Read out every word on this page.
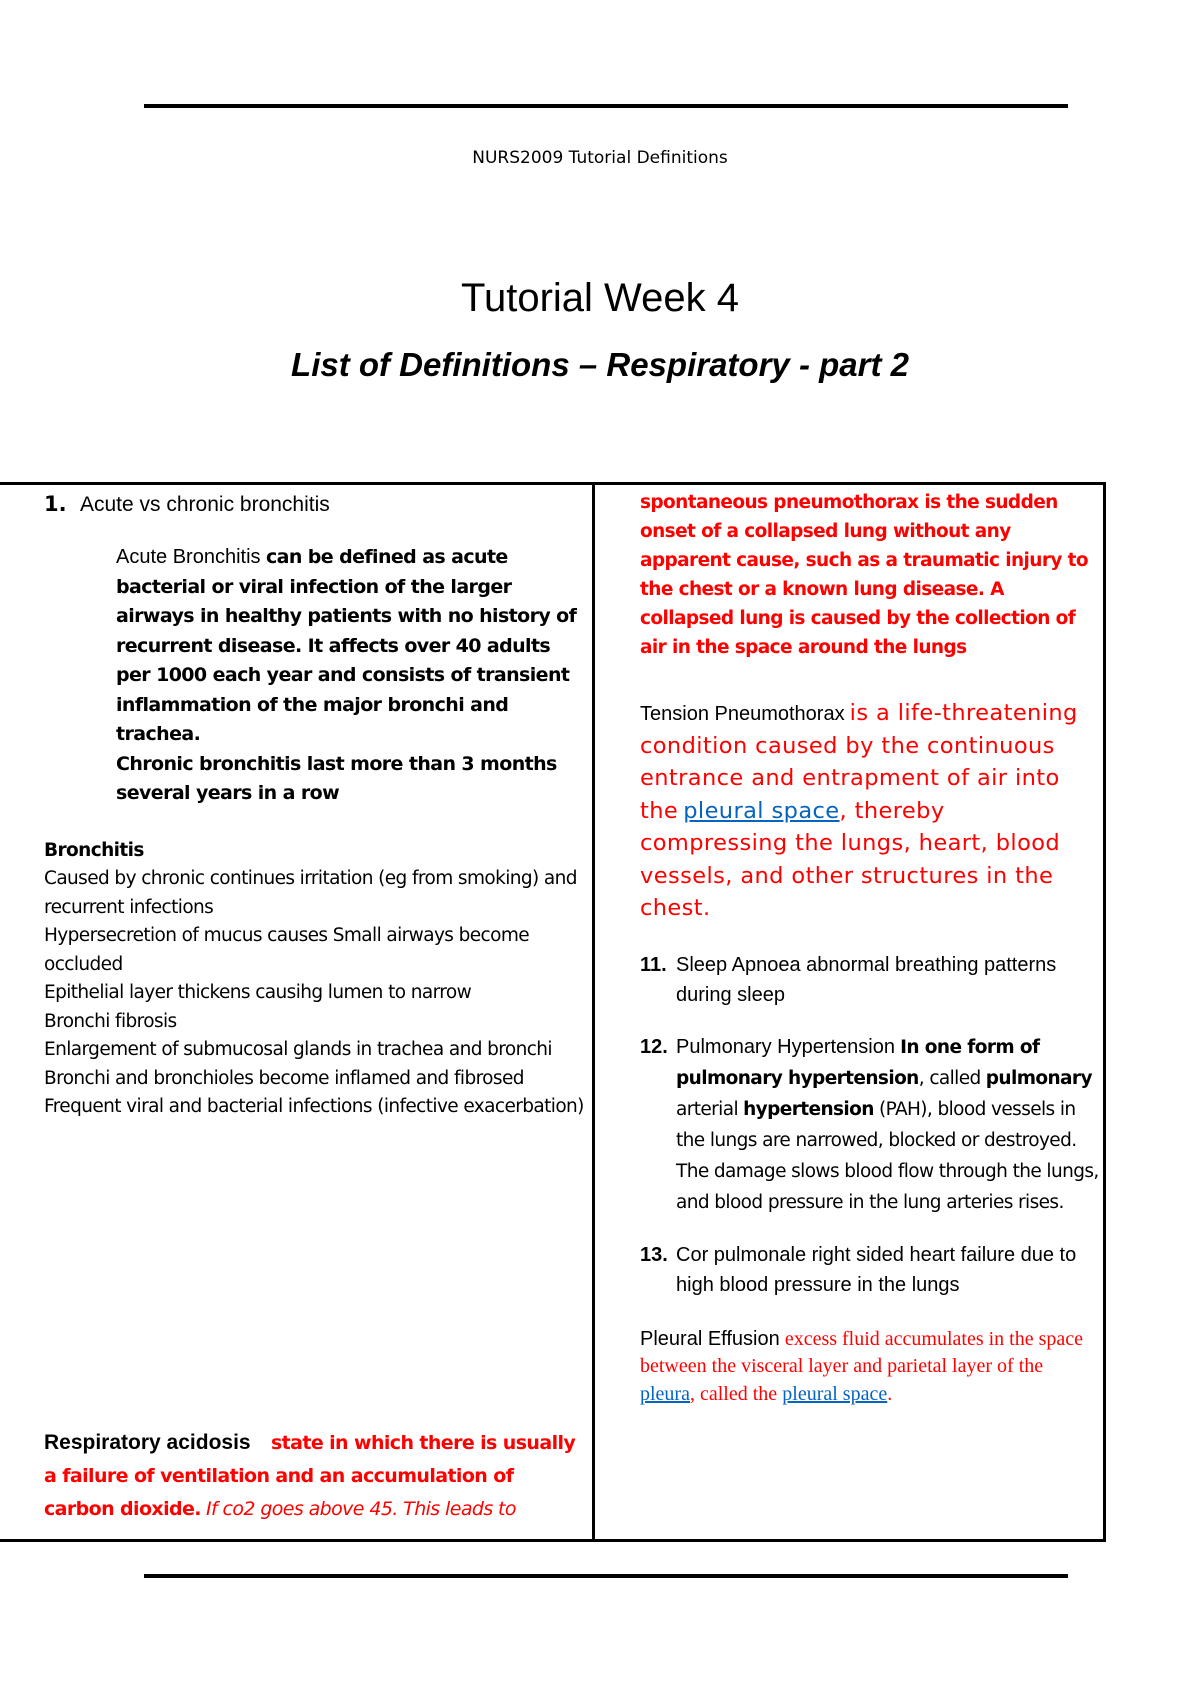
NURS2009 Tutorial Definitions
Tutorial Week 4
List of Definitions – Respiratory - part 2
1. Acute vs chronic bronchitis
Acute Bronchitis can be defined as acute bacterial or viral infection of the larger airways in healthy patients with no history of recurrent disease. It affects over 40 adults per 1000 each year and consists of transient inflammation of the major bronchi and trachea.
Chronic bronchitis last more than 3 months several years in a row
Bronchitis
Caused by chronic continues irritation (eg from smoking) and recurrent infections
Hypersecretion of mucus causes Small airways become occluded
Epithelial layer thickens causihg lumen to narrow
Bronchi fibrosis
Enlargement of submucosal glands in trachea and bronchi
Bronchi and bronchioles become inflamed and fibrosed
Frequent viral and bacterial infections (infective exacerbation)
Respiratory acidosis state in which there is usually a failure of ventilation and an accumulation of carbon dioxide. If co2 goes above 45. This leads to
spontaneous pneumothorax is the sudden onset of a collapsed lung without any apparent cause, such as a traumatic injury to the chest or a known lung disease. A collapsed lung is caused by the collection of air in the space around the lungs
Tension Pneumothorax is a life-threatening condition caused by the continuous entrance and entrapment of air into the pleural space, thereby compressing the lungs, heart, blood vessels, and other structures in the chest.
11. Sleep Apnoea abnormal breathing patterns during sleep
12. Pulmonary Hypertension In one form of pulmonary hypertension, called pulmonary arterial hypertension (PAH), blood vessels in the lungs are narrowed, blocked or destroyed. The damage slows blood flow through the lungs, and blood pressure in the lung arteries rises.
13. Cor pulmonale right sided heart failure due to high blood pressure in the lungs
Pleural Effusion excess fluid accumulates in the space between the visceral layer and parietal layer of the pleura, called the pleural space.
